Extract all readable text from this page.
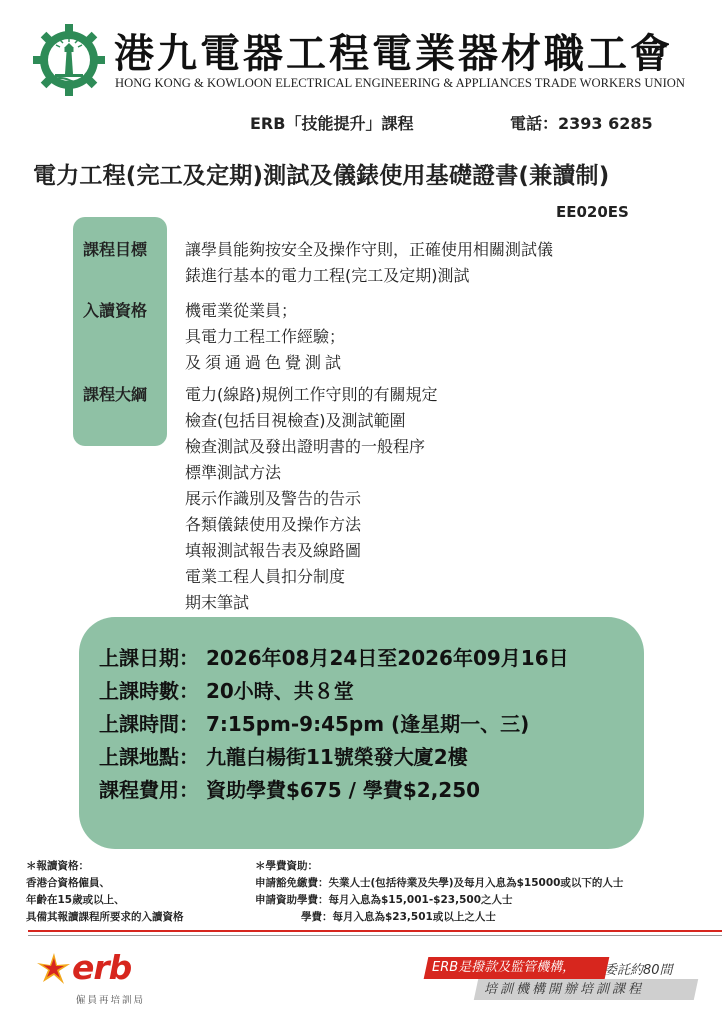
港九電器工程電業器材職工會
HONG KONG & KOWLOON ELECTRICAL ENGINEERING & APPLIANCES TRADE WORKERS UNION
ERB「技能提升」課程	電話：2393 6285
電力工程(完工及定期)測試及儀錶使用基礎證書(兼讀制)
EE020ES
課程目標
入讀資格
課程大綱
讓學員能夠按安全及操作守則，正確使用相關測試儀
錶進行基本的電力工程(完工及定期)測試
機電業從業員；
具電力工程工作經驗；
及須通過色覺測試
電力(線路)規例工作守則的有關規定
檢查(包括目視檢查)及測試範圍
檢查測試及發出證明書的一般程序
標準測試方法
展示作識別及警告的告示
各類儀錶使用及操作方法
填報測試報告表及線路圖
電業工程人員扣分制度
期末筆試
上課日期： 2026年08月24日至2026年09月16日
上課時數： 20小時、共８堂
上課時間： 7:15pm-9:45pm (逢星期一、三)
上課地點： 九龍白楊街11號榮發大廈2樓
課程費用： 資助學費$675 / 學費$2,250
＊報讀資格：
香港合資格僱員、
年齡在15歲或以上、
具備其報讀課程所要求的入讀資格
＊學費資助：
申請豁免繳費：失業人士(包括待業及失學)及每月入息為$15000或以下的人士
申請資助學費：每月入息為$15,001-$23,500之人士
學費：每月入息為$23,501或以上之人士
erb
僱員再培訓局
ERB是撥款及監管機構，	委託約80間
培訓機構開辦培訓課程
